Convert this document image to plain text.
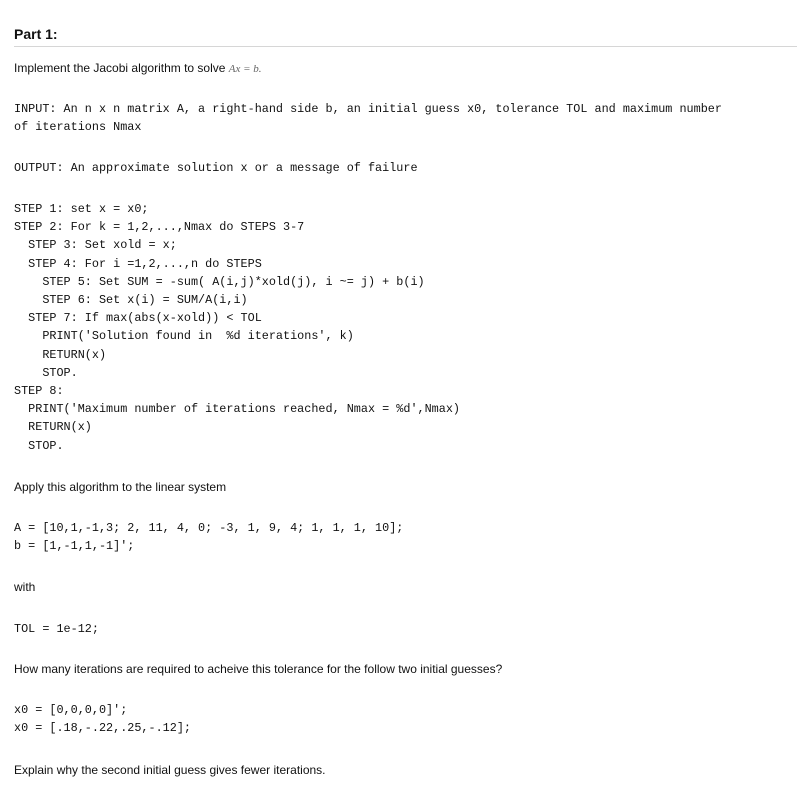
Part 1:
Implement the Jacobi algorithm to solve Ax = b.
INPUT: An n x n matrix A, a right-hand side b, an initial guess x0, tolerance TOL and maximum number
of iterations Nmax
OUTPUT: An approximate solution x or a message of failure
STEP 1: set x = x0;
STEP 2: For k = 1,2,...,Nmax do STEPS 3-7
STEP 3: Set xold = x;
STEP 4: For i =1,2,...,n do STEPS
STEP 5: Set SUM = -sum( A(i,j)*xold(j), i ~= j) + b(i)
STEP 6: Set x(i) = SUM/A(i,i)
STEP 7: If max(abs(x-xold)) < TOL
PRINT('Solution found in  %d iterations', k)
RETURN(x)
STOP.
STEP 8:
PRINT('Maximum number of iterations reached, Nmax = %d',Nmax)
RETURN(x)
STOP.
Apply this algorithm to the linear system
A = [10,1,-1,3; 2, 11, 4, 0; -3, 1, 9, 4; 1, 1, 1, 10];
b = [1,-1,1,-1]';
with
TOL = 1e-12;
How many iterations are required to acheive this tolerance for the follow two initial guesses?
x0 = [0,0,0,0]';
x0 = [.18,-.22,.25,-.12];
Explain why the second initial guess gives fewer iterations.
